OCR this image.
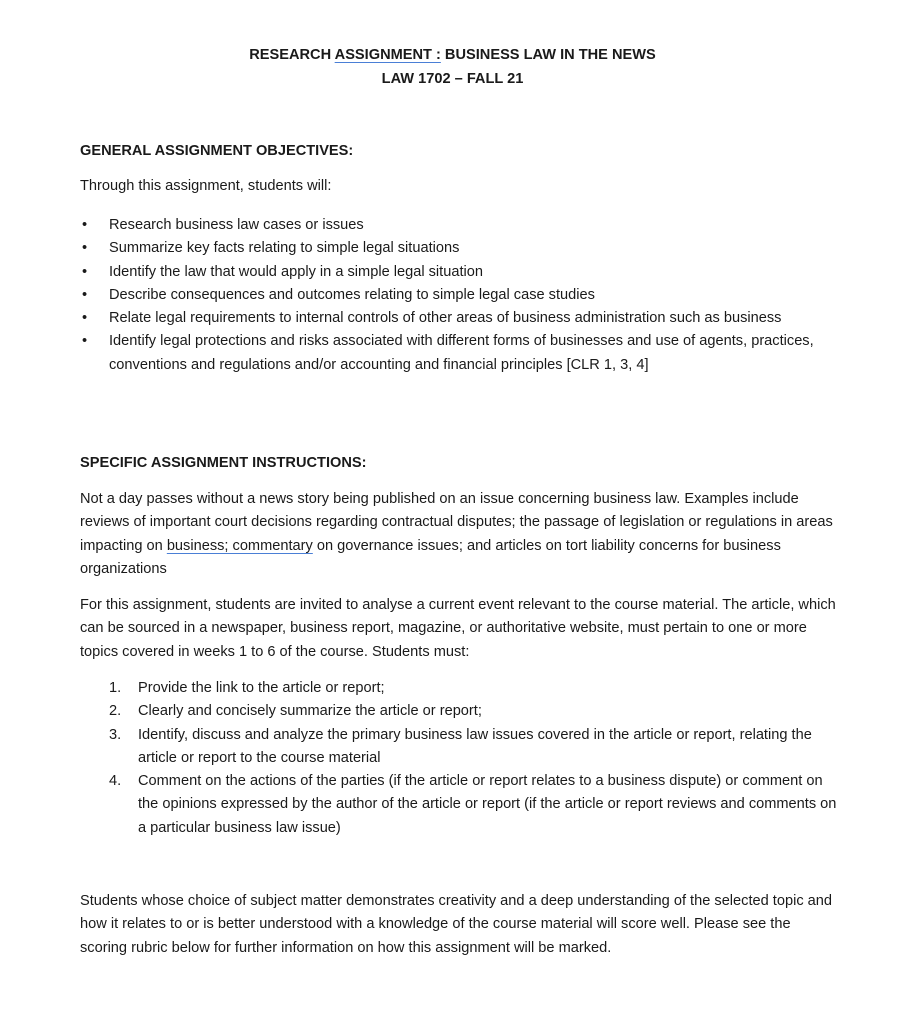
RESEARCH ASSIGNMENT : BUSINESS LAW IN THE NEWS
LAW 1702 – FALL 21
GENERAL ASSIGNMENT OBJECTIVES:

Through this assignment, students will:

• Research business law cases or issues
• Summarize key facts relating to simple legal situations
• Identify the law that would apply in a simple legal situation
• Describe consequences and outcomes relating to simple legal case studies
• Relate legal requirements to internal controls of other areas of business administration such as business
• Identify legal protections and risks associated with different forms of businesses and use of agents, practices, conventions and regulations and/or accounting and financial principles [CLR 1, 3, 4]
SPECIFIC ASSIGNMENT INSTRUCTIONS:

Not a day passes without a news story being published on an issue concerning business law. Examples include reviews of important court decisions regarding contractual disputes; the passage of legislation or regulations in areas impacting on business; commentary on governance issues; and articles on tort liability concerns for business organizations

For this assignment, students are invited to analyse a current event relevant to the course material. The article, which can be sourced in a newspaper, business report, magazine, or authoritative website, must pertain to one or more topics covered in weeks 1 to 6 of the course. Students must:

1. Provide the link to the article or report;
2. Clearly and concisely summarize the article or report;
3. Identify, discuss and analyze the primary business law issues covered in the article or report, relating the article or report to the course material
4. Comment on the actions of the parties (if the article or report relates to a business dispute) or comment on the opinions expressed by the author of the article or report (if the article or report reviews and comments on a particular business law issue)

Students whose choice of subject matter demonstrates creativity and a deep understanding of the selected topic and how it relates to or is better understood with a knowledge of the course material will score well. Please see the scoring rubric below for further information on how this assignment will be marked.
